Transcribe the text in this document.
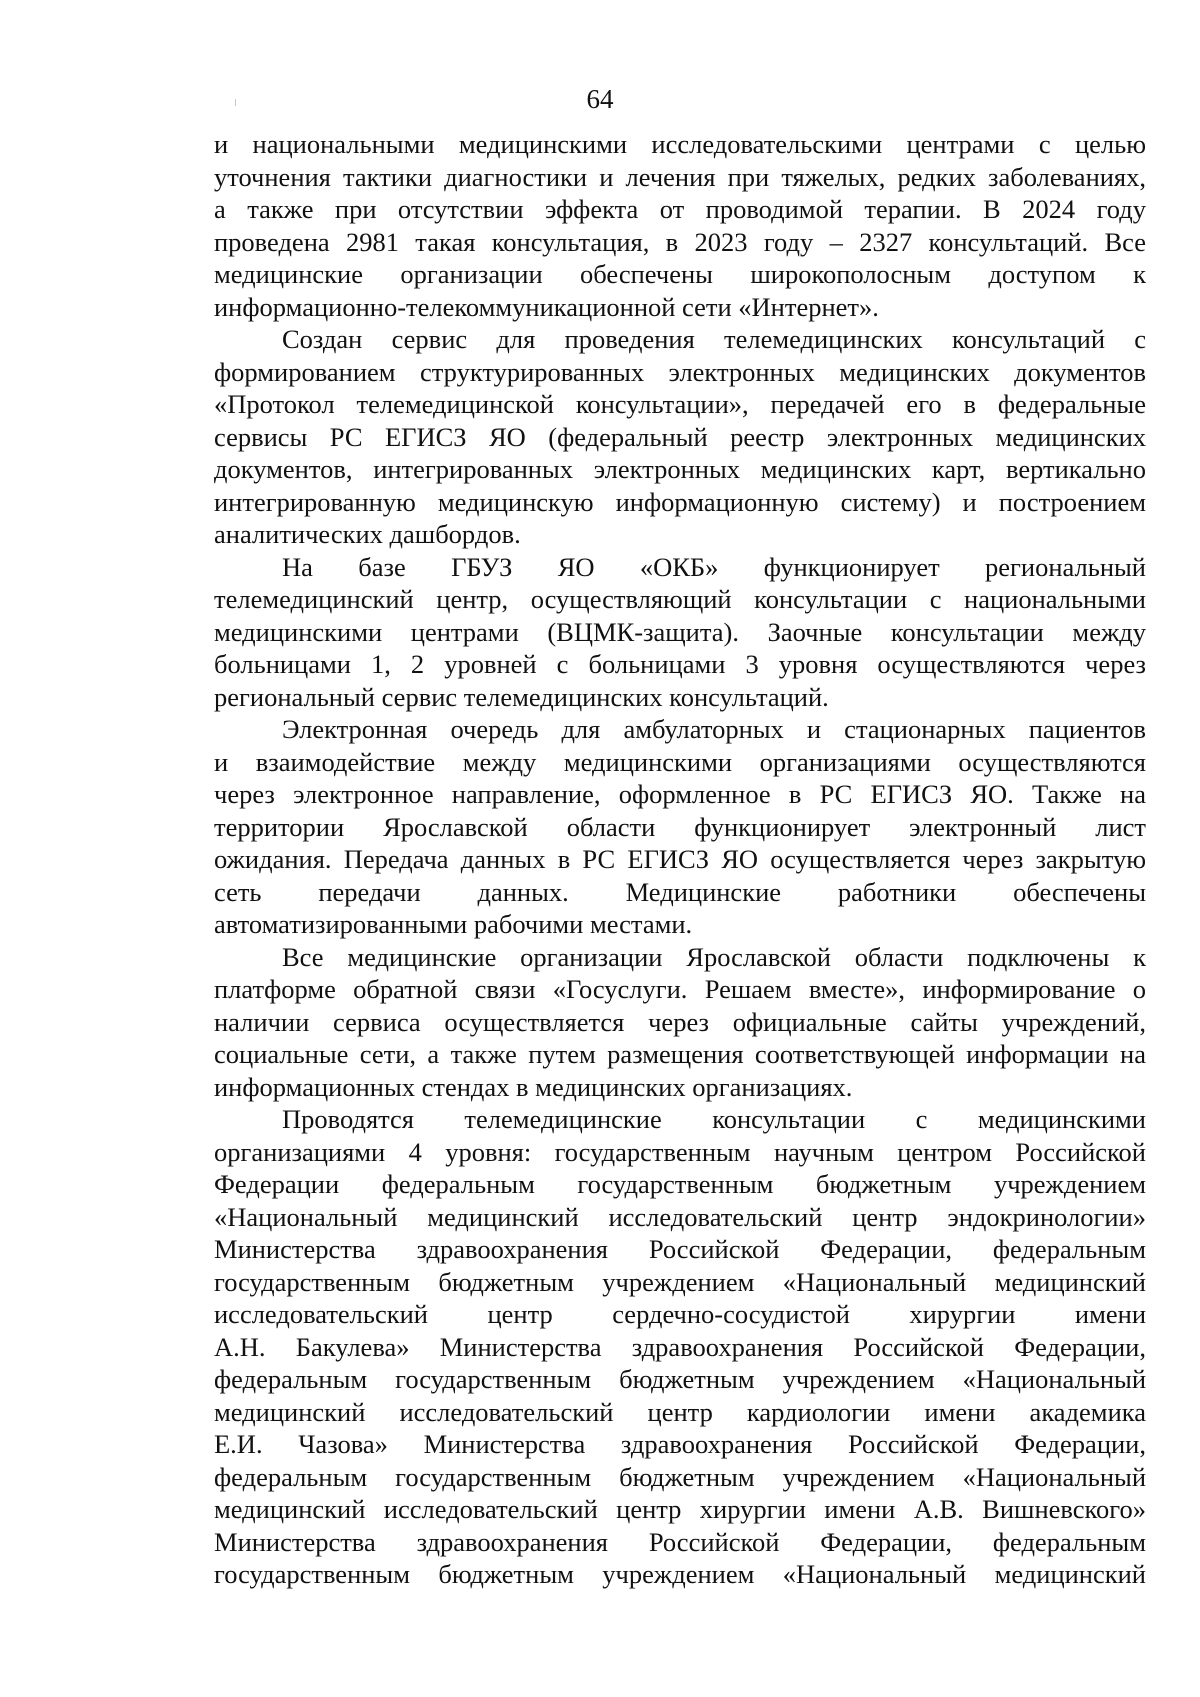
64

и национальными медицинскими исследовательскими центрами с целью
уточнения тактики диагностики и лечения при тяжелых, редких заболеваниях,
а также при отсутствии эффекта от проводимой терапии. В 2024 году
проведена 2981 такая консультация, в 2023 году – 2327 консультаций. Все
медицинские организации обеспечены широкополосным доступом к
информационно-телекоммуникационной сети «Интернет».

Создан сервис для проведения телемедицинских консультаций с
формированием структурированных электронных медицинских документов
«Протокол телемедицинской консультации», передачей его в федеральные
сервисы РС ЕГИСЗ ЯО (федеральный реестр электронных медицинских
документов, интегрированных электронных медицинских карт, вертикально
интегрированную медицинскую информационную систему) и построением
аналитических дашбордов.

На базе ГБУЗ ЯО «ОКБ» функционирует региональный
телемедицинский центр, осуществляющий консультации с национальными
медицинскими центрами (ВЦМК-защита). Заочные консультации между
больницами 1, 2 уровней с больницами 3 уровня осуществляются через
региональный сервис телемедицинских консультаций.

Электронная очередь для амбулаторных и стационарных пациентов
и взаимодействие между медицинскими организациями осуществляются
через электронное направление, оформленное в РС ЕГИСЗ ЯО. Также на
территории Ярославской области функционирует электронный лист
ожидания. Передача данных в РС ЕГИСЗ ЯО осуществляется через закрытую
сеть передачи данных. Медицинские работники обеспечены
автоматизированными рабочими местами.

Все медицинские организации Ярославской области подключены к
платформе обратной связи «Госуслуги. Решаем вместе», информирование о
наличии сервиса осуществляется через официальные сайты учреждений,
социальные сети, а также путем размещения соответствующей информации на
информационных стендах в медицинских организациях.

Проводятся телемедицинские консультации с медицинскими
организациями 4 уровня: государственным научным центром Российской
Федерации федеральным государственным бюджетным учреждением
«Национальный медицинский исследовательский центр эндокринологии»
Министерства здравоохранения Российской Федерации, федеральным
государственным бюджетным учреждением «Национальный медицинский
исследовательский центр сердечно-сосудистой хирургии имени
А.Н. Бакулева» Министерства здравоохранения Российской Федерации,
федеральным государственным бюджетным учреждением «Национальный
медицинский исследовательский центр кардиологии имени академика
Е.И. Чазова» Министерства здравоохранения Российской Федерации,
федеральным государственным бюджетным учреждением «Национальный
медицинский исследовательский центр хирургии имени А.В. Вишневского»
Министерства здравоохранения Российской Федерации, федеральным
государственным бюджетным учреждением «Национальный медицинский
